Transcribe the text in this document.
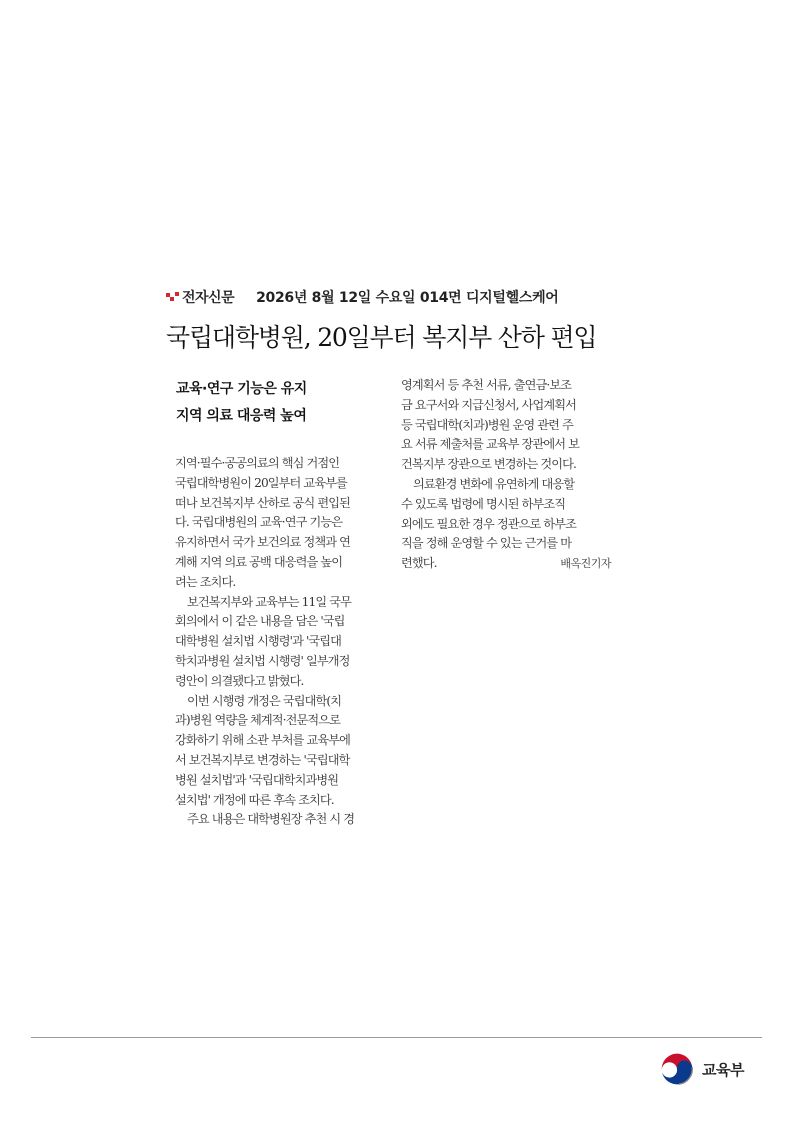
전자신문 2026년 8월 12일 수요일 014면 디지털헬스케어
국립대학병원, 20일부터 복지부 산하 편입
교육·연구 기능은 유지
지역 의료 대응력 높여

지역·필수·공공의료의 핵심 거점인

국립대학병원이 20일부터 교육부를

떠나 보건복지부 산하로 공식 편입된

다. 국립대병원의 교육·연구 기능은

유지하면서 국가 보건의료 정책과 연

계해 지역 의료 공백 대응력을 높이

려는 조치다.

보건복지부와 교육부는 11일 국무

회의에서 이 같은 내용을 담은 '국립

대학병원 설치법 시행령'과 '국립대

학치과병원 설치법 시행령' 일부개정

령안이 의결됐다고 밝혔다.

이번 시행령 개정은 국립대학(치

과)병원 역량을 체계적·전문적으로

강화하기 위해 소관 부처를 교육부에

서 보건복지부로 변경하는 '국립대학

병원 설치법'과 '국립대학치과병원

설치법' 개정에 따른 후속 조치다.

주요 내용은 대학병원장 추천 시 경

영계획서 등 추천 서류, 출연금·보조

금 요구서와 지급신청서, 사업계획서

등 국립대학(치과)병원 운영 관련 주

요 서류 제출처를 교육부 장관에서 보

건복지부 장관으로 변경하는 것이다.

의료환경 변화에 유연하게 대응할

수 있도록 법령에 명시된 하부조직

외에도 필요한 경우 정관으로 하부조

직을 정해 운영할 수 있는 근거를 마

련했다.	배옥진기자
교육부
